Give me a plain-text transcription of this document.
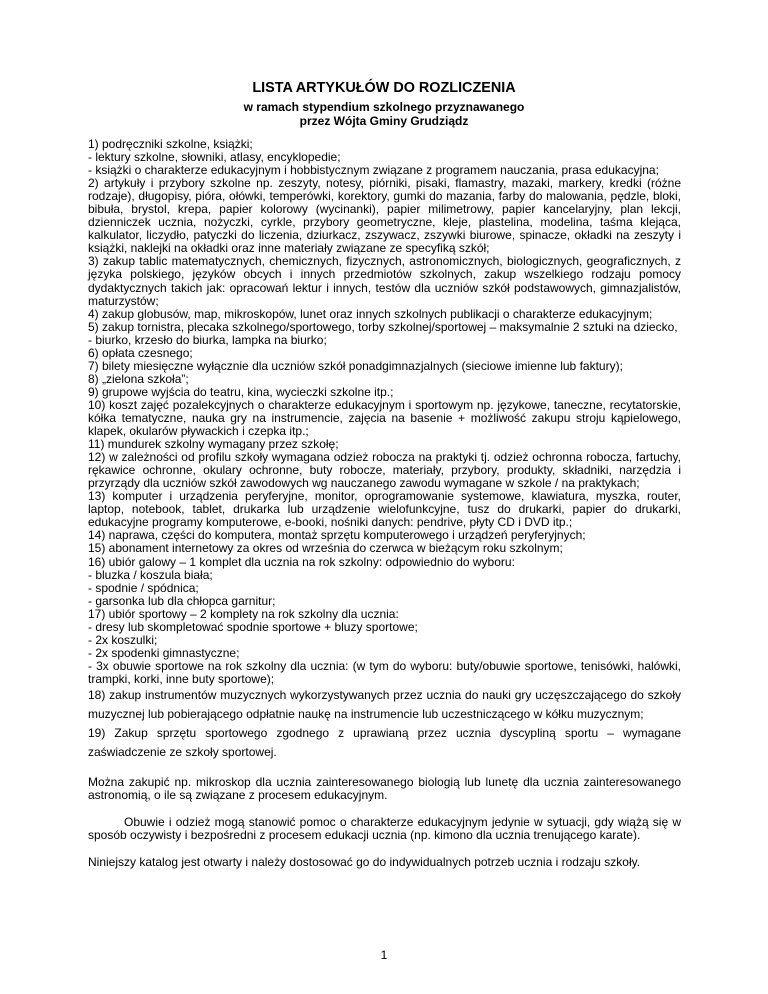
LISTA ARTYKUŁÓW DO ROZLICZENIA
w ramach stypendium szkolnego przyznawanego
przez Wójta Gminy Grudziądz

1) podręczniki szkolne, książki;

- lektury szkolne, słowniki, atlasy, encyklopedie;

- książki o charakterze edukacyjnym i hobbistycznym związane z programem nauczania, prasa edukacyjna;

2) artykuły i przybory szkolne np. zeszyty, notesy, piórniki, pisaki, flamastry, mazaki, markery, kredki (różne rodzaje), długopisy, pióra, ołówki, temperówki, korektory, gumki do mazania, farby do malowania, pędzle, bloki, bibuła, brystol, krepa, papier kolorowy (wycinanki), papier milimetrowy, papier kancelaryjny, plan lekcji, dzienniczek ucznia, nożyczki, cyrkle, przybory geometryczne, kleje, plastelina, modelina, taśma klejąca, kalkulator, liczydło, patyczki do liczenia, dziurkacz, zszywacz, zszywki biurowe, spinacze, okładki na zeszyty i książki, naklejki na okładki oraz inne materiały związane ze specyfiką szkół;

3) zakup tablic matematycznych, chemicznych, fizycznych, astronomicznych, biologicznych, geograficznych, z języka polskiego, języków obcych i innych przedmiotów szkolnych, zakup wszelkiego rodzaju pomocy dydaktycznych takich jak: opracowań lektur i innych, testów dla uczniów szkół podstawowych, gimnazjalistów, maturzystów;

4) zakup globusów, map, mikroskopów, lunet oraz innych szkolnych publikacji o charakterze edukacyjnym;

5) zakup tornistra, plecaka szkolnego/sportowego, torby szkolnej/sportowej – maksymalnie 2 sztuki na dziecko,

- biurko, krzesło do biurka, lampka na biurko;

6) opłata czesnego;

7) bilety miesięczne wyłącznie dla uczniów szkół ponadgimnazjalnych (sieciowe imienne lub faktury);

8) „zielona szkoła”;

9) grupowe wyjścia do teatru, kina, wycieczki szkolne itp.;

10) koszt zajęć pozalekcyjnych o charakterze edukacyjnym i sportowym np. językowe, taneczne, recytatorskie, kółka tematyczne, nauka gry na instrumencie, zajęcia na basenie + możliwość zakupu stroju kąpielowego, klapek, okularów pływackich i czepka itp.;

11) mundurek szkolny wymagany przez szkołę;

12) w zależności od profilu szkoły wymagana odzież robocza na praktyki tj. odzież ochronna robocza, fartuchy, rękawice ochronne, okulary ochronne, buty robocze, materiały, przybory, produkty, składniki, narzędzia i przyrządy dla uczniów szkół zawodowych wg nauczanego zawodu wymagane w szkole / na praktykach;

13) komputer i urządzenia peryferyjne, monitor, oprogramowanie systemowe, klawiatura, myszka, router, laptop, notebook, tablet, drukarka lub urządzenie wielofunkcyjne, tusz do drukarki, papier do drukarki, edukacyjne programy komputerowe, e-booki, nośniki danych: pendrive, płyty CD i DVD itp.;

14) naprawa, części do komputera, montaż sprzętu komputerowego i urządzeń peryferyjnych;

15) abonament internetowy za okres od września do czerwca w bieżącym roku szkolnym;

16) ubiór galowy – 1 komplet dla ucznia na rok szkolny: odpowiednio do wyboru:

- bluzka / koszula biała;

- spodnie / spódnica;

- garsonka lub dla chłopca garnitur;

17) ubiór sportowy – 2 komplety na rok szkolny dla ucznia:

- dresy lub skompletować spodnie sportowe + bluzy sportowe;

- 2x koszulki;

- 2x spodenki gimnastyczne;

- 3x obuwie sportowe na rok szkolny dla ucznia: (w tym do wyboru: buty/obuwie sportowe, tenisówki, halówki, trampki, korki, inne buty sportowe);

18) zakup instrumentów muzycznych wykorzystywanych przez ucznia do nauki gry uczęszczającego do szkoły muzycznej lub pobierającego odpłatnie naukę na instrumencie lub uczestniczącego w kółku muzycznym;

19) Zakup sprzętu sportowego zgodnego z uprawianą przez ucznia dyscypliną sportu – wymagane zaświadczenie ze szkoły sportowej.

Można zakupić np. mikroskop dla ucznia zainteresowanego biologią lub lunetę dla ucznia zainteresowanego astronomią, o ile są związane z procesem edukacyjnym.

Obuwie i odzież mogą stanowić pomoc o charakterze edukacyjnym jedynie w sytuacji, gdy wiążą się w sposób oczywisty i bezpośredni z procesem edukacji ucznia (np. kimono dla ucznia trenującego karate).

Niniejszy katalog jest otwarty i należy dostosować go do indywidualnych potrzeb ucznia i rodzaju szkoły.

1
